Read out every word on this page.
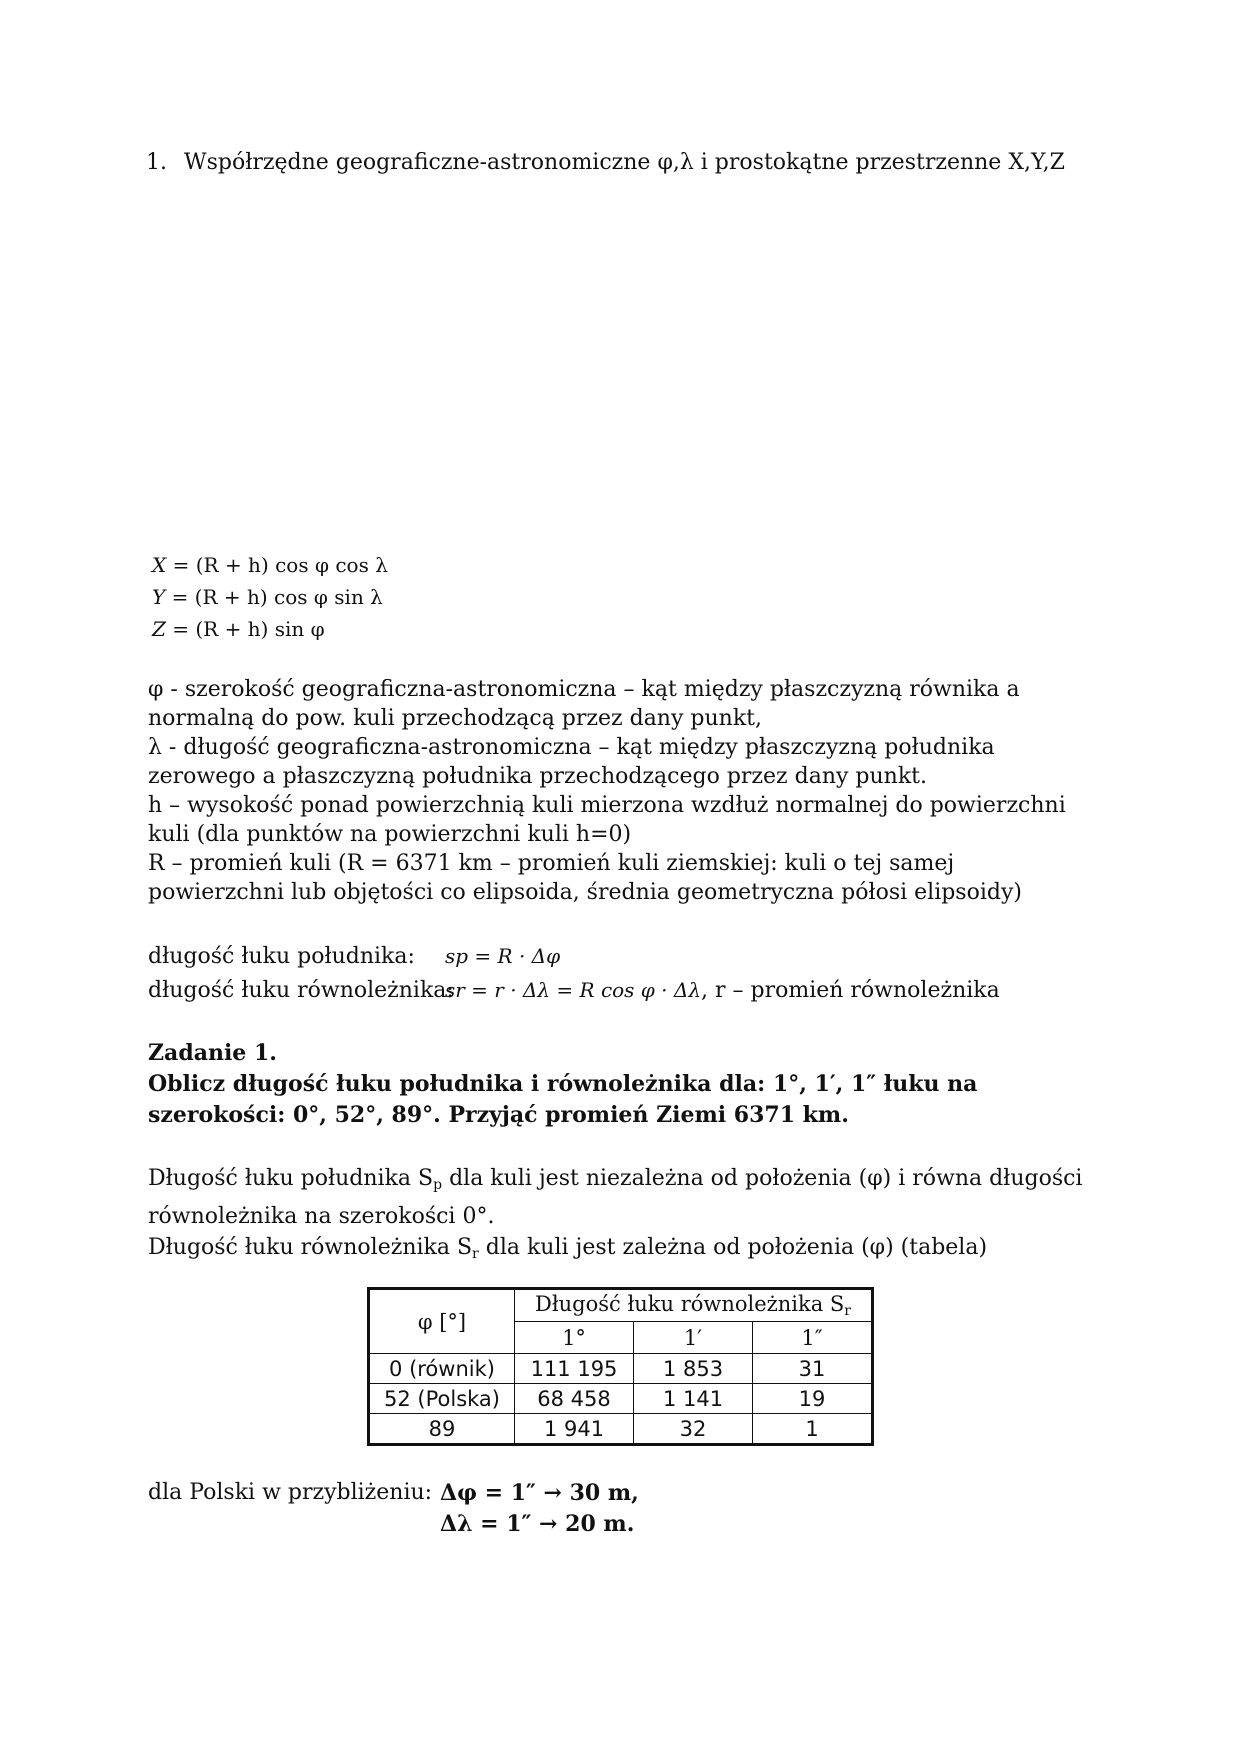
1. Współrzędne geograficzne-astronomiczne φ,λ i prostokątne przestrzenne X,Y,Z
X = (R + h) cos φ cos λ
Y = (R + h) cos φ sin λ
Z = (R + h) sin φ

φ - szerokość geograficzna-astronomiczna – kąt między płaszczyzną równika a normalną do pow. kuli przechodzącą przez dany punkt,

λ - długość geograficzna-astronomiczna – kąt między płaszczyzną południka zerowego a płaszczyzną południka przechodzącego przez dany punkt.

h – wysokość ponad powierzchnią kuli mierzona wzdłuż normalnej do powierzchni kuli (dla punktów na powierzchni kuli h=0)

R – promień kuli (R = 6371 km – promień kuli ziemskiej: kuli o tej samej powierzchni lub objętości co elipsoida, średnia geometryczna półosi elipsoidy)

długość łuku południka: sp = R · Δφ
długość łuku równoleżnika:sr = r · Δλ = R cos φ · Δλ, r – promień równoleżnika

Zadanie 1.

Oblicz długość łuku południka i równoleżnika dla: 1°, 1′, 1″ łuku na szerokości: 0°, 52°, 89°. Przyjąć promień Ziemi 6371 km.

Długość łuku południka $S_p$ dla kuli jest niezależna od położenia (φ) i równa długości równoleżnika na szerokości 0°.

Długość łuku równoleżnika $S_r$ dla kuli jest zależna od położenia (φ) (tabela)

φ [°]	Długość łuku równoleżnika $S_r$
	1°	1′	1″
0 (równik)	111 195	1 853	31
52 (Polska)	68 458	1 141	19
89	1 941	32	1
dla Polski w przybliżeniu: Δφ = 1″ → 30 m,
Δλ = 1″ → 20 m.
